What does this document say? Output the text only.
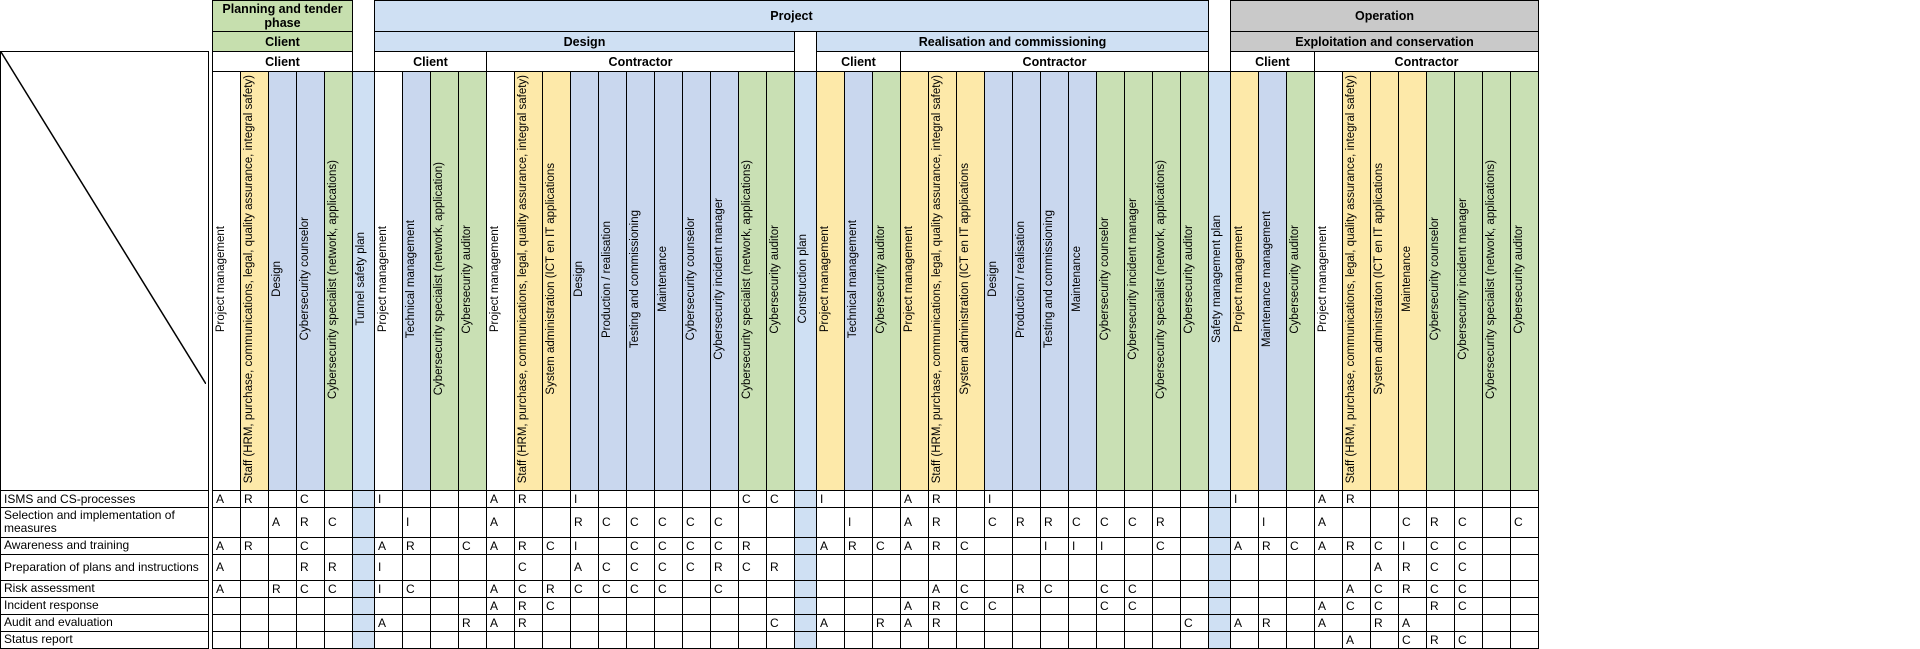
		Planning and tender phase						Project																															Operation										
		Client						Design																Realisation and commissioning															Exploitation and conservation										

		Client						Client				Contractor												Client			Contractor												Client			Contractor							
		Project management	Staff (HRM, purchase, communications, legal, quality assurance, integral safety)	Design	Cybersecurity counselor	Cybersecurity specialist (network, applications)	Tunnel safety plan	Project management	Technical management	Cybersecurity specialist (network, application)	Cybersecurity auditor	Project management	Staff (HRM, purchase, communications, legal, quality assurance, integral safety)	System administration (ICT en IT applications	Design	Production / realisation	Testing and commissioning	Maintenance	Cybersecurity counselor	Cybersecurity incident manager	Cybersecurity specialist (network, applications)	Cybersecurity auditor	Construction plan	Project management	Technical management	Cybersecurity auditor	Project management	Staff (HRM, purchase, communications, legal, quality assurance, integral safety)	System administration (ICT en IT applications	Design	Production / realisation	Testing and commissioning	Maintenance	Cybersecurity counselor	Cybersecurity incident manager	Cybersecurity specialist (network, applications)	Cybersecurity auditor	Safety management plan	Project management	Maintenance management	Cybersecurity auditor	Project management	Staff (HRM, purchase, communications, legal, quality assurance, integral safety)	System administration (ICT en IT applications	Maintenance	Cybersecurity counselor	Cybersecurity incident manager	Cybersecurity specialist (network, applications)	Cybersecurity auditor
ISMS and CS-processes		A	R		C			I				A	R		I						C	C		I			A	R		I									I			A	R						
Selection and implementation of measures				A	R	C			I			A			R	C	C	C	C	C					I		A	R		C	R	R	C	C	C	R				I		A			C	R	C		C
Awareness and training		A	R		C			A	R		C	A	R	C	I		C	C	C	C	R			A	R	C	A	R	C			I	I	I		C			A	R	C	A	R	C	I	C	C		
Preparation of plans and instructions		A			R	R		I					C		A	C	C	C	C	R	C	R																						A	R	C	C		
Risk assessment		A		R	C	C		I	C			A	C	R	C	C	C	C		C								A	C		R	C		C	C								A	C	R	C	C		
Incident response												A	R	C													A	R	C	C				C	C							A	C	C		R	C		
Audit and evaluation								A			R	A	R									C		A		R	A	R									C		A	R		A		R	A				
Status report																																											A		C	R	C		
